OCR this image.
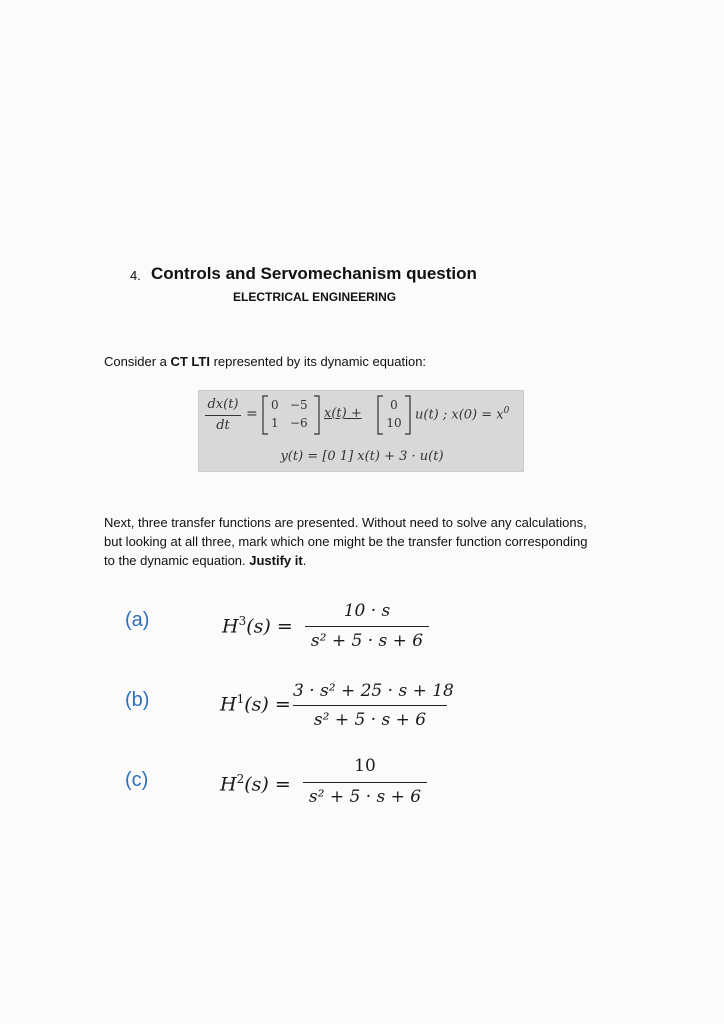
4. Controls and Servomechanism question
ELECTRICAL ENGINEERING
Consider a CT LTI represented by its dynamic equation:
dx(t)
dt
=
0 −5
1 −6
x(t) +
0
10
u(t) ; $x(0) = x^0$
y(t) = [0 1] x(t) + 3 · u(t)
Next, three transfer functions are presented. Without need to solve any calculations,
but looking at all three, mark which one might be the transfer function corresponding
to the dynamic equation. Justify it.
(a)	$H^3(s)$ =
10 · s
s² + 5 · s + 6
(b)	$H^1(s)$ =
3 · s² + 25 · s + 18
s² + 5 · s + 6
(c)	$H^2(s)$ =
10
s² + 5 · s + 6
